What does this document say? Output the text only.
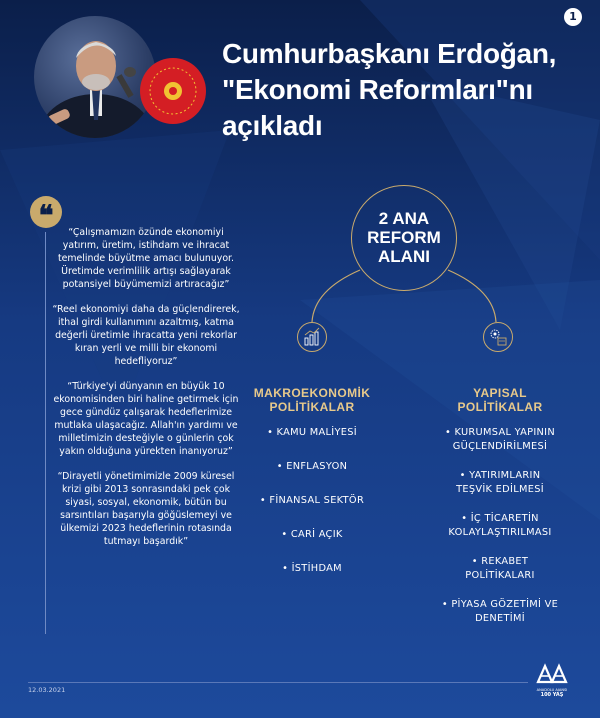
1
Cumhurbaşkanı Erdoğan, "Ekonomi Reformları"nı açıkladı
❝

“Çalışmamızın özünde ekonomiyi yatırım, üretim, istihdam ve ihracat temelinde büyütme amacı bulunuyor. Üretimde verimlilik artışı sağlayarak potansiyel büyümemizi artıracağız”

“Reel ekonomiyi daha da güçlendirerek, ithal girdi kullanımını azaltmış, katma değerli üretimle ihracatta yeni rekorlar kıran yerli ve milli bir ekonomi hedefliyoruz”

“Türkiye'yi dünyanın en büyük 10 ekonomisinden biri haline getirmek için gece gündüz çalışarak hedeflerimize mutlaka ulaşacağız. Allah'ın yardımı ve milletimizin desteğiyle o günlerin çok yakın olduğuna yürekten inanıyoruz”

“Dirayetli yönetimimizle 2009 küresel krizi gibi 2013 sonrasındaki pek çok siyasi, sosyal, ekonomik, bütün bu sarsıntıları başarıyla göğüslemeyi ve ülkemizi 2023 hedeflerinin rotasında tutmayı başardık”

2 ANA
REFORM
ALANI
MAKROEKONOMİK
POLİTİKALAR
• KAMU MALİYESİ
• ENFLASYON
• FİNANSAL SEKTÖR
• CARİ AÇIK
• İSTİHDAM
YAPISAL
POLİTİKALAR
• KURUMSAL YAPININ
GÜÇLENDİRİLMESİ
• YATIRIMLARIN
TEŞVİK EDİLMESİ
• İÇ TİCARETİN
KOLAYLAŞTIRILMASI
• REKABET
POLİTİKALARI
• PİYASA GÖZETİMİ VE
DENETİMİ
12.03.2021	ANADOLU AJANSI
100 YAŞ
